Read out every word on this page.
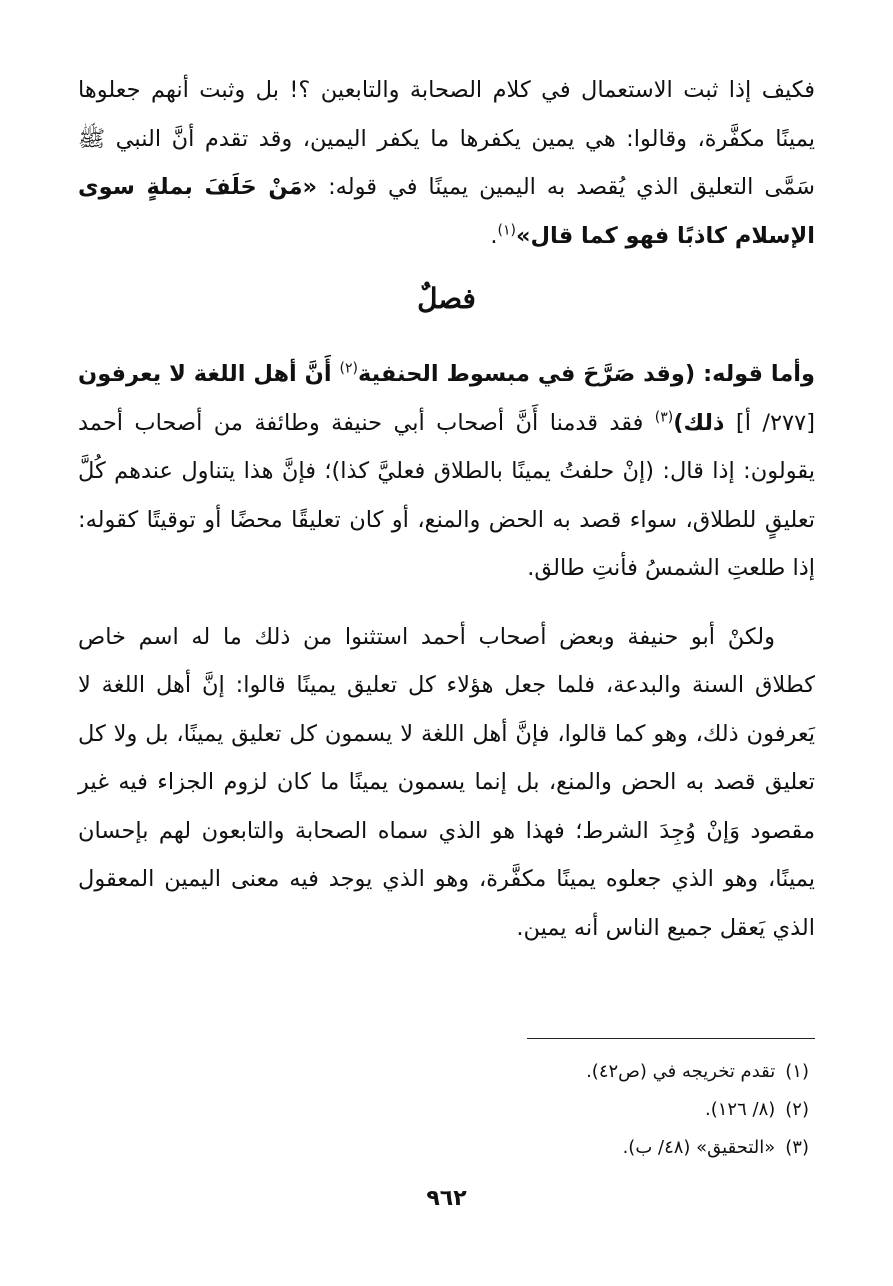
فكيف إذا ثبت الاستعمال في كلام الصحابة والتابعين ؟! بل وثبت أنهم جعلوها يمينًا مكفَّرة، وقالوا: هي يمين يكفرها ما يكفر اليمين، وقد تقدم أنَّ النبي ﷺ سَمَّى التعليق الذي يُقصد به اليمين يمينًا في قوله: «مَنْ حَلَفَ بملةٍ سوى الإسلام كاذبًا فهو كما قال»$^{(١)}$.

فصلٌ

وأما قوله: (وقد صَرَّحَ في مبسوط الحنفية$^{(٢)}$ أَنَّ أهل اللغة لا يعرفون [٢٧٧/ أ] ذلك)$^{(٣)}$ فقد قدمنا أَنَّ أصحاب أبي حنيفة وطائفة من أصحاب أحمد يقولون: إذا قال: (إنْ حلفتُ يمينًا بالطلاق فعليَّ كذا)؛ فإنَّ هذا يتناول عندهم كُلَّ تعليقٍ للطلاق، سواء قصد به الحض والمنع، أو كان تعليقًا محضًا أو توقيتًا كقوله: إذا طلعتِ الشمسُ فأنتِ طالق.

ولكنْ أبو حنيفة وبعض أصحاب أحمد استثنوا من ذلك ما له اسم خاص كطلاق السنة والبدعة، فلما جعل هؤلاء كل تعليق يمينًا قالوا: إنَّ أهل اللغة لا يَعرفون ذلك، وهو كما قالوا، فإنَّ أهل اللغة لا يسمون كل تعليق يمينًا، بل ولا كل تعليق قصد به الحض والمنع، بل إنما يسمون يمينًا ما كان لزوم الجزاء فيه غير مقصود وَإنْ وُجِدَ الشرط؛ فهذا هو الذي سماه الصحابة والتابعون لهم بإحسان يمينًا، وهو الذي جعلوه يمينًا مكفَّرة، وهو الذي يوجد فيه معنى اليمين المعقول الذي يَعقل جميع الناس أنه يمين.

(١)تقدم تخريجه في (ص٤٢).

(٢)(٨/ ١٢٦).

(٣)«التحقيق» (٤٨/ ب).

٩٦٢
